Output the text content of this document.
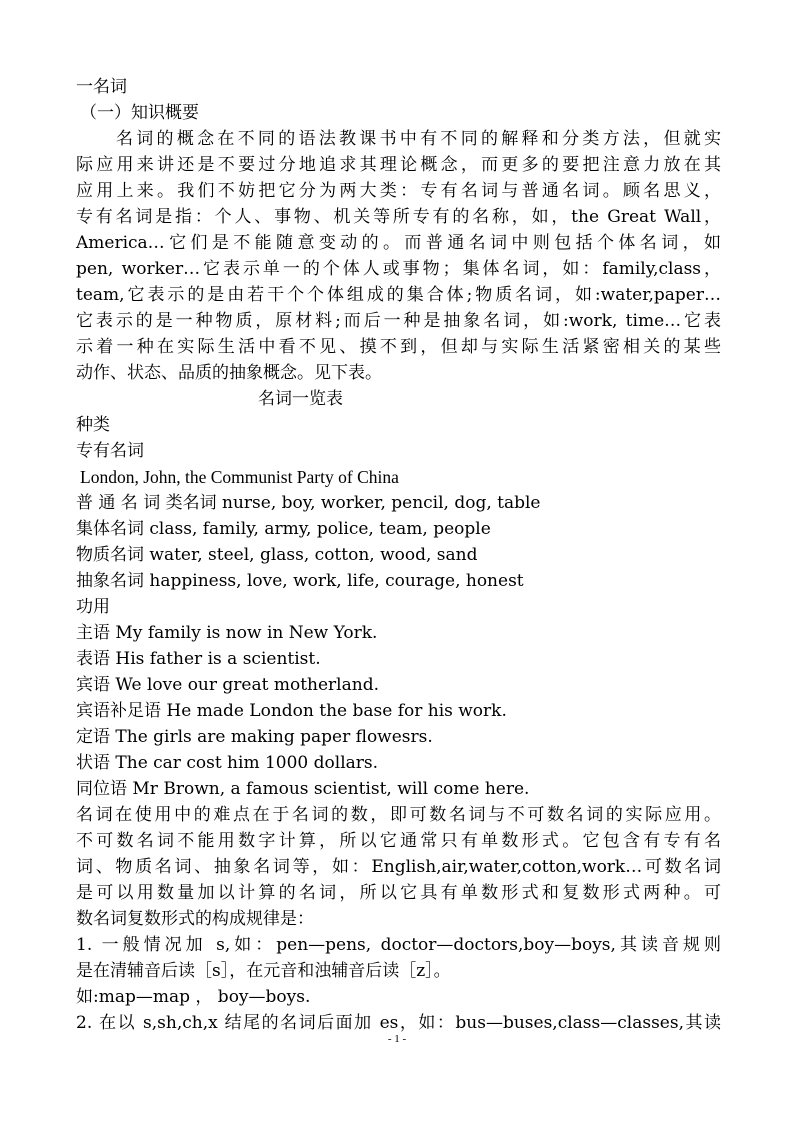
一名词
（一）知识概要
名词的概念在不同的语法教课书中有不同的解释和分类方法，但就实
际应用来讲还是不要过分地追求其理论概念，而更多的要把注意力放在其
应用上来。我们不妨把它分为两大类：专有名词与普通名词。顾名思义，
专有名词是指：个人、事物、机关等所专有的名称，如，the Great Wall，
America…它们是不能随意变动的。而普通名词中则包括个体名词，如
pen, worker…它表示单一的个体人或事物；集体名词，如：family,class，
team,它表示的是由若干个个体组成的集合体;物质名词，如:water,paper…
它表示的是一种物质，原材料;而后一种是抽象名词，如:work, time…它表
示着一种在实际生活中看不见、摸不到，但却与实际生活紧密相关的某些
动作、状态、品质的抽象概念。见下表。
名词一览表
种类
专有名词
London, John, the Communist Party of China
普 通 名 词 类名词 nurse, boy, worker, pencil, dog, table
集体名词 class, family, army, police, team, people
物质名词 water, steel, glass, cotton, wood, sand
抽象名词 happiness, love, work, life, courage, honest
功用
主语 My family is now in New York.
表语 His father is a scientist.
宾语 We love our great motherland.
宾语补足语 He made London the base for his work.
定语 The girls are making paper flowesrs.
状语 The car cost him 1000 dollars.
同位语 Mr Brown, a famous scientist, will come here.
名词在使用中的难点在于名词的数，即可数名词与不可数名词的实际应用。
不可数名词不能用数字计算，所以它通常只有单数形式。它包含有专有名
词、物质名词、抽象名词等，如：English,air,water,cotton,work…可数名词
是可以用数量加以计算的名词，所以它具有单数形式和复数形式两种。可
数名词复数形式的构成规律是：
1. 一般情况加 s,如：pen—pens, doctor—doctors,boy—boys,其读音规则
是在清辅音后读［s］，在元音和浊辅音后读［z］。
如:map—map ， boy—boys.
2. 在以 s,sh,ch,x 结尾的名词后面加 es，如：bus—buses,class—classes,其读
- 1 -
